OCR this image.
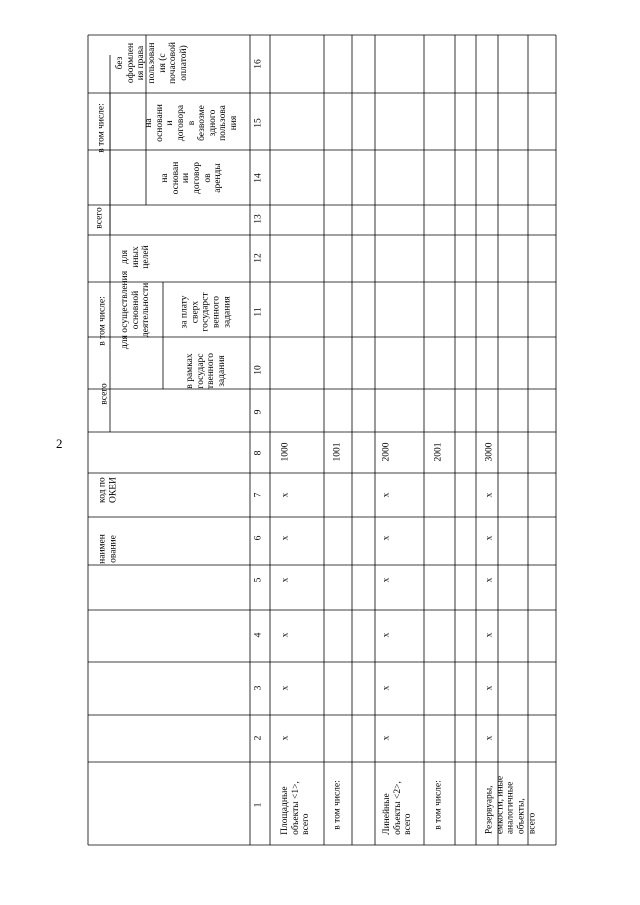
2
всего
в том числе: для осуществления
основной
деятельности
в рамках
государс
твенного
задания
за плату
сверх
государст
венного
задания
для
иных
целей
всего
в том числе:
на
основан
ии
договор
ов
аренды
на
основани
и
договора
в
безвозме
здного
пользова
ния
без
оформлен
ия права
пользован
ия (с
почасовой
оплатой)
код по
ОКЕИ
наимен
ование
1
2
3
4
5
6
7
8
9
10
11
12
13
14
15
16
Площадные
объекты <1>,
всего
x
x
x
x
x
x
1000
в том числе:
1001
Линейные
объекты <2>,
всего
x
x
x
x
x
x
2000
в том числе:
2001
Резервуары,
емкости, иные
аналогичные
объекты,
всего
x
x
x
x
x
x
3000
